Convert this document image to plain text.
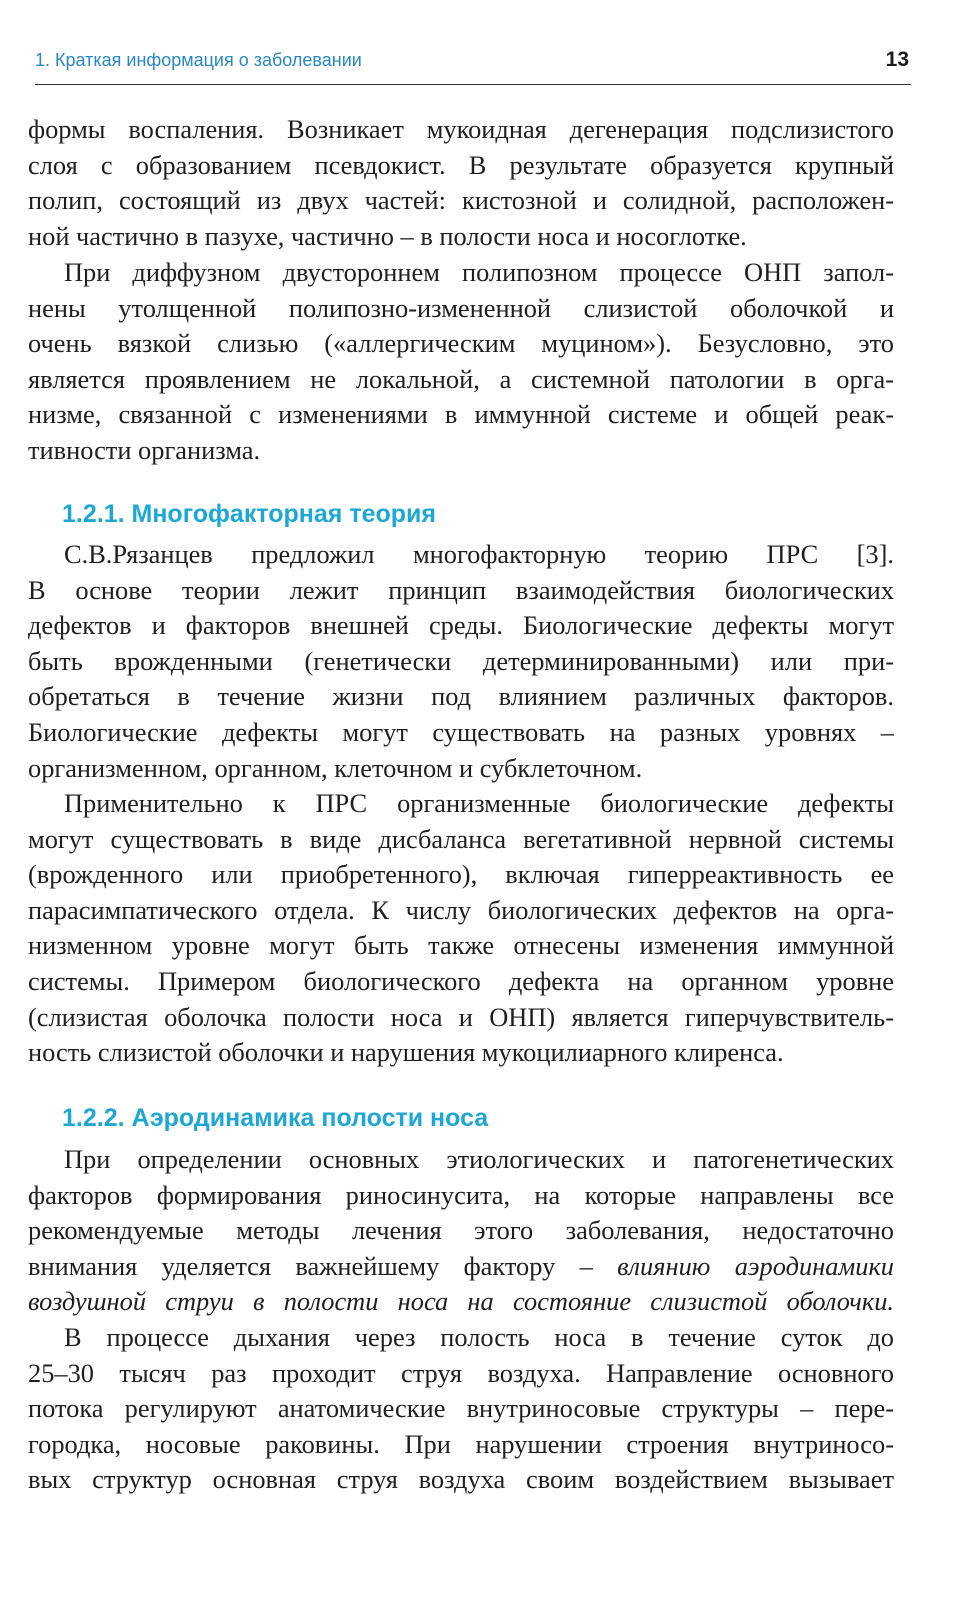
1. Краткая информация о заболевании	13
формы воспаления. Возникает мукоидная дегенерация подслизистого
слоя с образованием псевдокист. В результате образуется крупный
полип, состоящий из двух частей: кистозной и солидной, расположен-
ной частично в пазухе, частично – в полости носа и носоглотке.
При диффузном двустороннем полипозном процессе ОНП запол-
нены утолщенной полипозно-измененной слизистой оболочкой и
очень вязкой слизью («аллергическим муцином»). Безусловно, это
является проявлением не локальной, а системной патологии в орга-
низме, связанной с изменениями в иммунной системе и общей реак-
тивности организма.
1.2.1. Многофакторная теория
С.В.Рязанцев предложил многофакторную теорию ПРС [3].
В основе теории лежит принцип взаимодействия биологических
дефектов и факторов внешней среды. Биологические дефекты могут
быть врожденными (генетически детерминированными) или при-
обретаться в течение жизни под влиянием различных факторов.
Биологические дефекты могут существовать на разных уровнях –
организменном, органном, клеточном и субклеточном.
Применительно к ПРС организменные биологические дефекты
могут существовать в виде дисбаланса вегетативной нервной системы
(врожденного или приобретенного), включая гиперреактивность ее
парасимпатического отдела. К числу биологических дефектов на орга-
низменном уровне могут быть также отнесены изменения иммунной
системы. Примером биологического дефекта на органном уровне
(слизистая оболочка полости носа и ОНП) является гиперчувствитель-
ность слизистой оболочки и нарушения мукоцилиарного клиренса.
1.2.2. Аэродинамика полости носа
При определении основных этиологических и патогенетических
факторов формирования риносинусита, на которые направлены все
рекомендуемые методы лечения этого заболевания, недостаточно
внимания уделяется важнейшему фактору – влиянию аэродинамики
воздушной струи в полости носа на состояние слизистой оболочки.
В процессе дыхания через полость носа в течение суток до
25–30 тысяч раз проходит струя воздуха. Направление основного
потока регулируют анатомические внутриносовые структуры – пере-
городка, носовые раковины. При нарушении строения внутриносо-
вых структур основная струя воздуха своим воздействием вызывает
